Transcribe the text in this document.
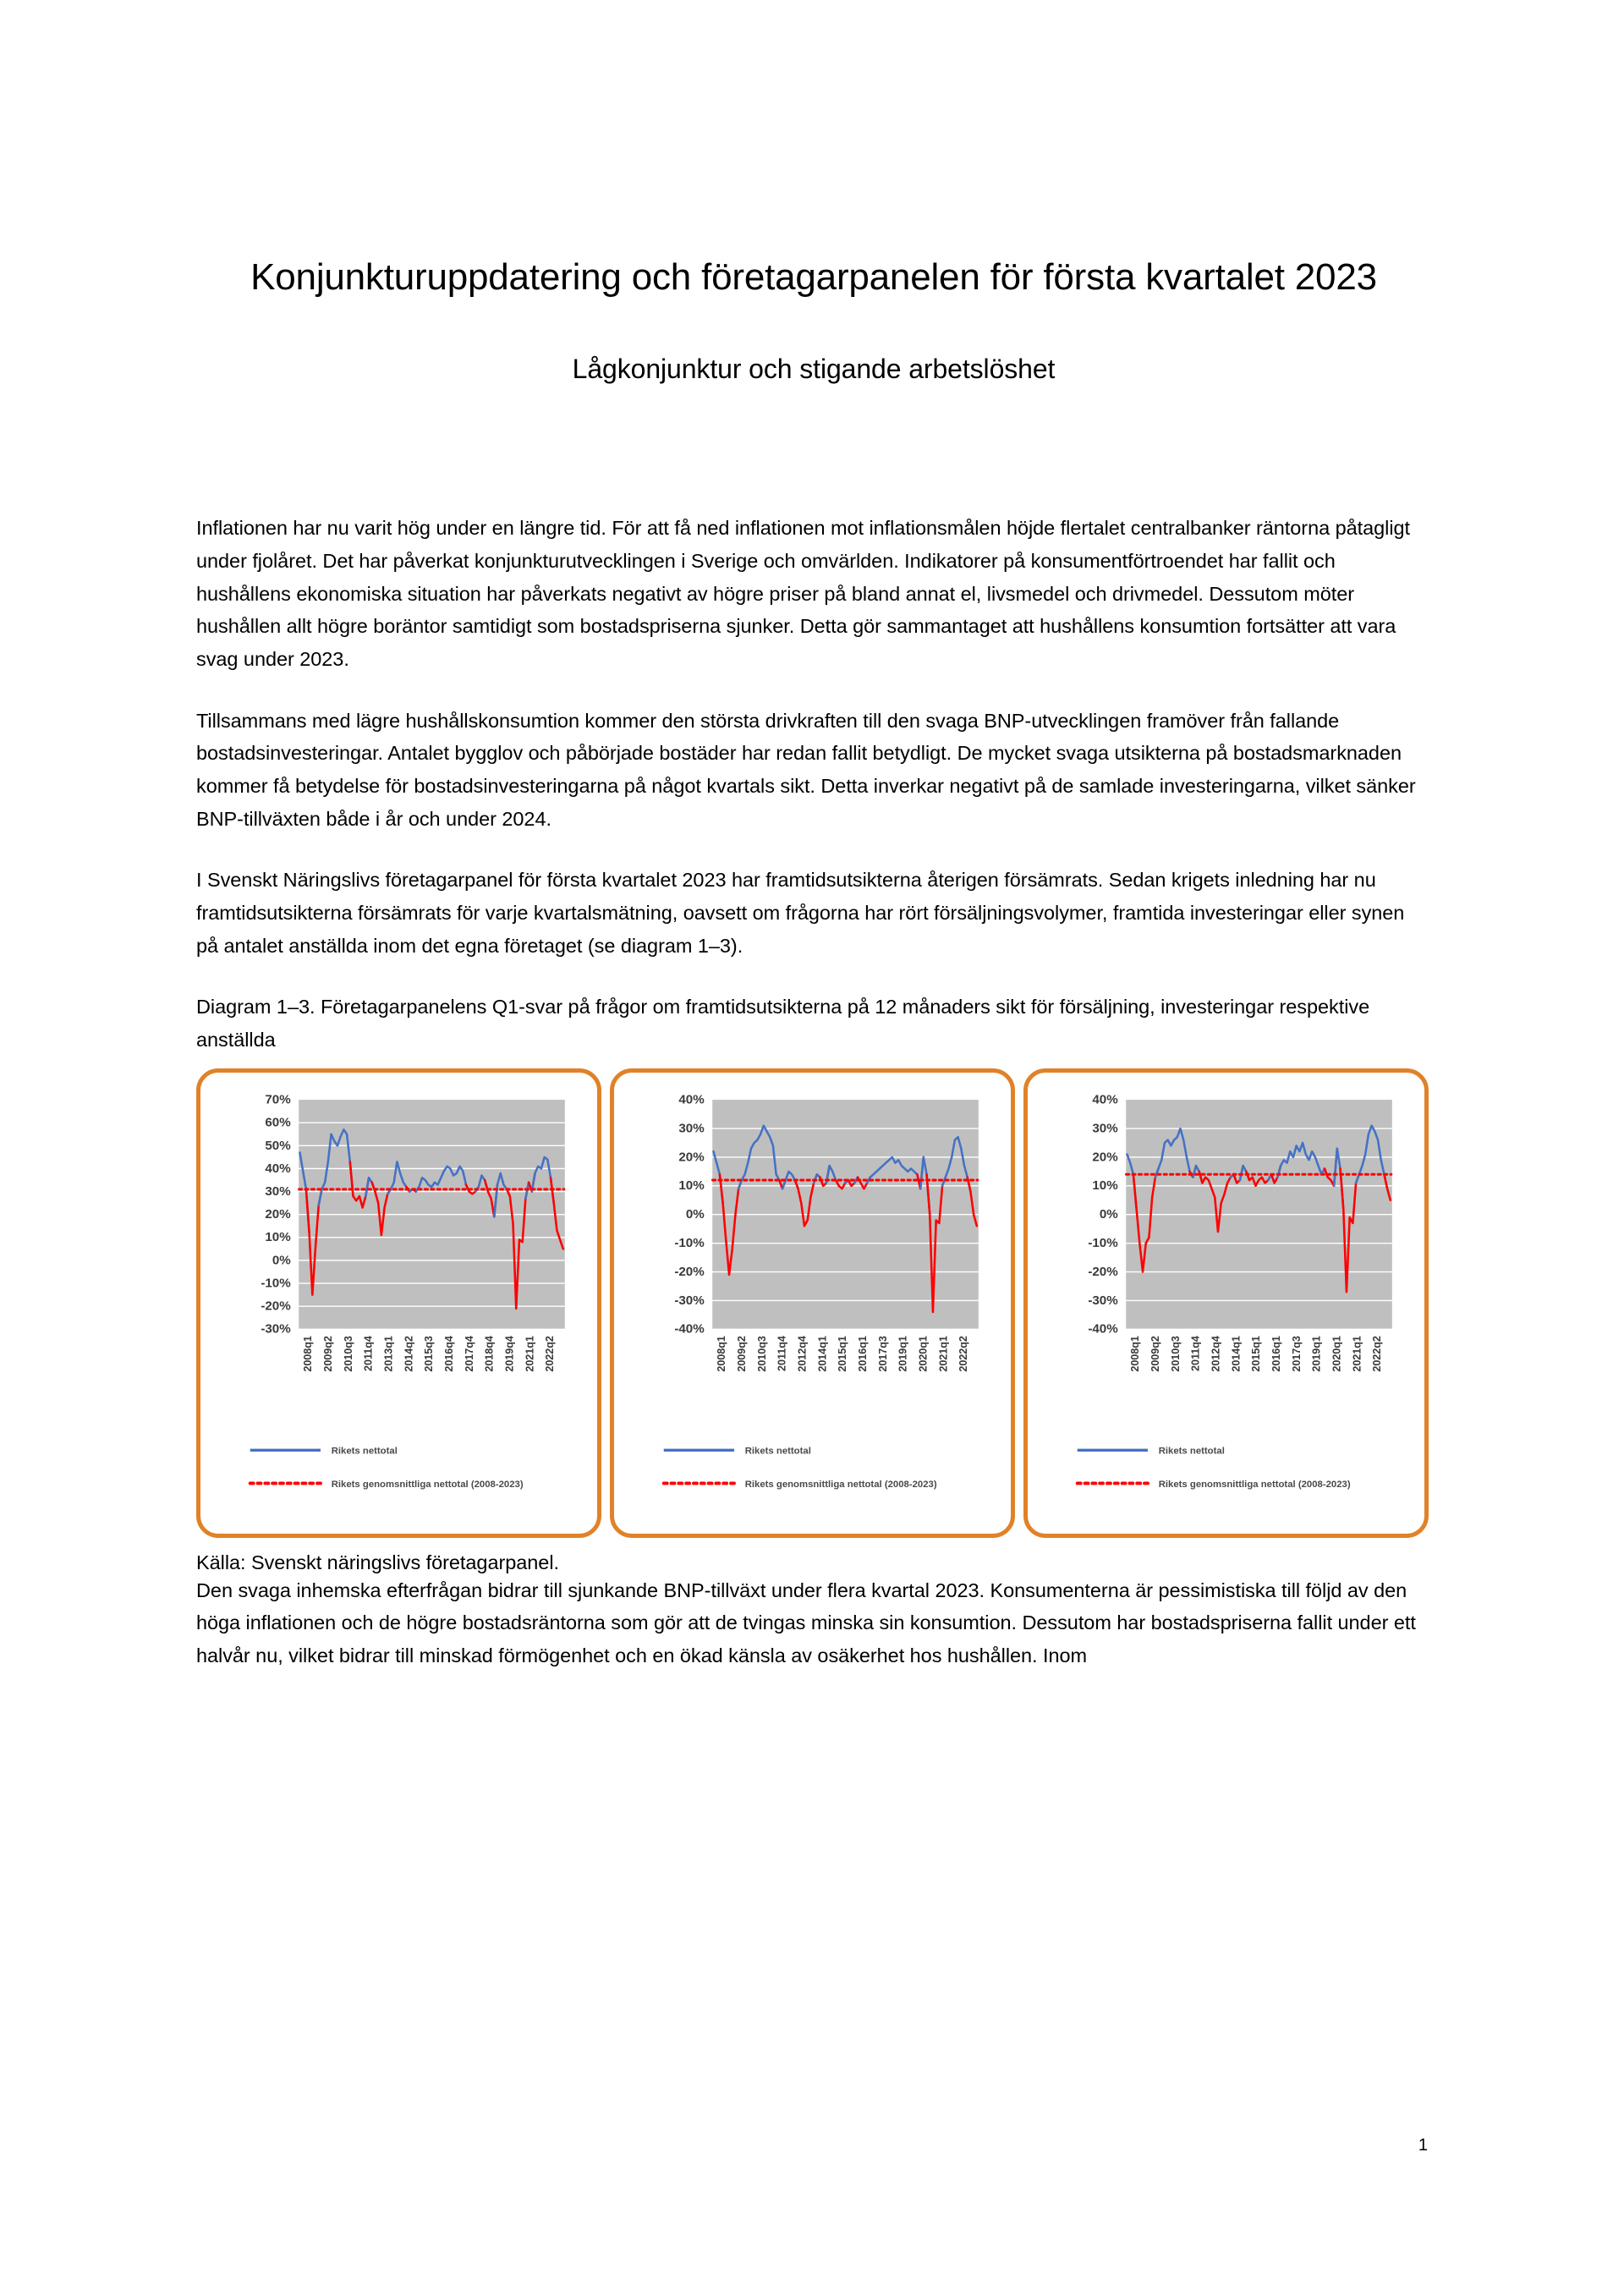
Konjunkturuppdatering och företagarpanelen för första kvartalet 2023
Lågkonjunktur och stigande arbetslöshet

Inflationen har nu varit hög under en längre tid. För att få ned inflationen mot inflationsmålen höjde flertalet centralbanker räntorna påtagligt under fjolåret. Det har påverkat konjunkturutvecklingen i Sverige och omvärlden. Indikatorer på konsumentförtroendet har fallit och hushållens ekonomiska situation har påverkats negativt av högre priser på bland annat el, livsmedel och drivmedel. Dessutom möter hushållen allt högre boräntor samtidigt som bostadspriserna sjunker. Detta gör sammantaget att hushållens konsumtion fortsätter att vara svag under 2023.

Tillsammans med lägre hushållskonsumtion kommer den största drivkraften till den svaga BNP-utvecklingen framöver från fallande bostadsinvesteringar. Antalet bygglov och påbörjade bostäder har redan fallit betydligt. De mycket svaga utsikterna på bostadsmarknaden kommer få betydelse för bostadsinvesteringarna på något kvartals sikt. Detta inverkar negativt på de samlade investeringarna, vilket sänker BNP-tillväxten både i år och under 2024.

I Svenskt Näringslivs företagarpanel för första kvartalet 2023 har framtidsutsikterna återigen försämrats. Sedan krigets inledning har nu framtidsutsikterna försämrats för varje kvartalsmätning, oavsett om frågorna har rört försäljningsvolymer, framtida investeringar eller synen på antalet anställda inom det egna företaget (se diagram 1–3).

Diagram 1–3. Företagarpanelens Q1-svar på frågor om framtidsutsikterna på 12 månaders sikt för försäljning, investeringar respektive anställda
70%
60%
50%
40%
30%
20%
10%
0%
-10%
-20%
-30%
2008q1 2009q2 2010q3 2011q4 2013q1 2014q2 2015q3 2016q4 2017q4 2018q4 2019q4 2021q1 2022q2
Rikets nettotal
Rikets genomsnittliga nettotal (2008-2023)
40%
30%
20%
10%
0%
-10%
-20%
-30%
-40%
2008q1 2009q2 2010q3 2011q4 2012q4 2014q1 2015q1 2016q1 2017q3 2019q1 2020q1 2021q1 2022q2
Rikets nettotal
Rikets genomsnittliga nettotal (2008-2023)
40%
30%
20%
10%
0%
-10%
-20%
-30%
-40%
2008q1 2009q2 2010q3 2011q4 2012q4 2014q1 2015q1 2016q1 2017q3 2019q1 2020q1 2021q1 2022q2
Rikets nettotal
Rikets genomsnittliga nettotal (2008-2023)

Källa: Svenskt näringslivs företagarpanel.

Den svaga inhemska efterfrågan bidrar till sjunkande BNP-tillväxt under flera kvartal 2023. Konsumenterna är pessimistiska till följd av den höga inflationen och de högre bostadsräntorna som gör att de tvingas minska sin konsumtion. Dessutom har bostadspriserna fallit under ett halvår nu, vilket bidrar till minskad förmögenhet och en ökad känsla av osäkerhet hos hushållen. Inom

1
